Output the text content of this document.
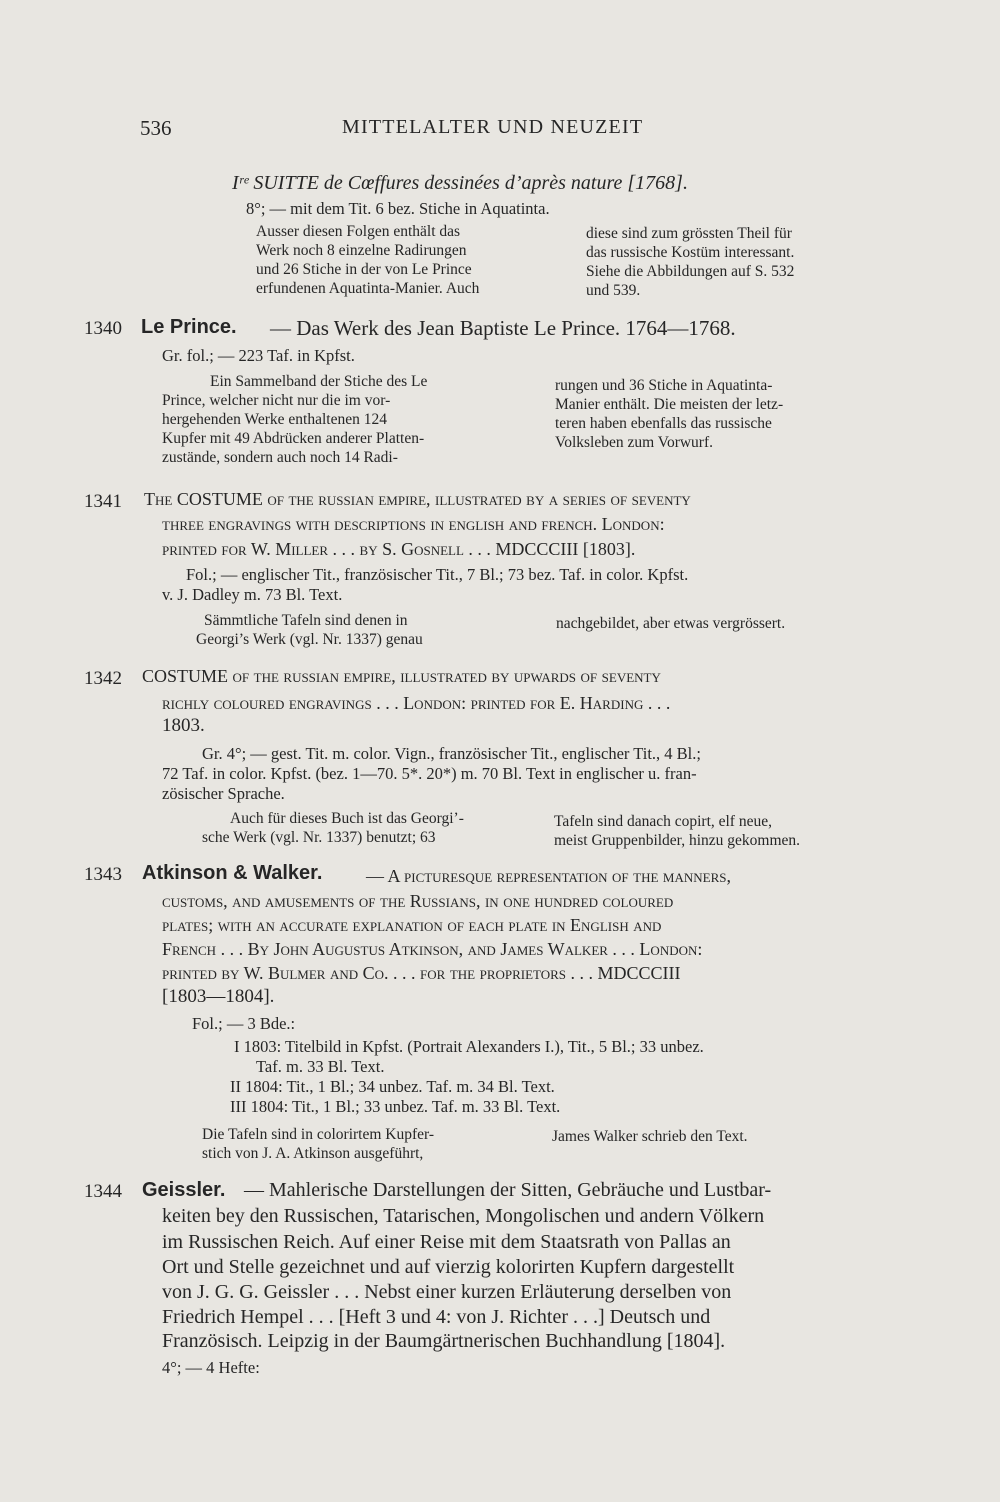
536	MITTELALTER UND NEUZEIT
Iʳᵉ SUITTE de Cœffures dessinées d’après nature [1768].
8°; — mit dem Tit. 6 bez. Stiche in Aquatinta.

Ausser diesen Folgen enthält das

Werk noch 8 einzelne Radirungen

und 26 Stiche in der von Le Prince

erfundenen Aquatinta-Manier. Auch

diese sind zum grössten Theil für

das russische Kostüm interessant.

Siehe die Abbildungen auf S. 532

und 539.

1340 Le Prince. — Das Werk des Jean Baptiste Le Prince. 1764—1768.
Gr. fol.; — 223 Taf. in Kpfst.

Ein Sammelband der Stiche des Le

Prince, welcher nicht nur die im vor-

hergehenden Werke enthaltenen 124

Kupfer mit 49 Abdrücken anderer Platten-

zustände, sondern auch noch 14 Radi-

rungen und 36 Stiche in Aquatinta-

Manier enthält. Die meisten der letz-

teren haben ebenfalls das russische

Volksleben zum Vorwurf.

1341 The COSTUME of the russian empire, illustrated by a series of seventy
three engravings with descriptions in english and french. London:
printed for W. Miller . . . by S. Gosnell . . . MDCCCIII [1803].
Fol.; — englischer Tit., französischer Tit., 7 Bl.; 73 bez. Taf. in color. Kpfst.
v. J. Dadley m. 73 Bl. Text.

Sämmtliche Tafeln sind denen in

Georgi’s Werk (vgl. Nr. 1337) genau

nachgebildet, aber etwas vergrössert.

1342 COSTUME of the russian empire, illustrated by upwards of seventy
richly coloured engravings . . . London: printed for E. Harding . . .
1803.
Gr. 4°; — gest. Tit. m. color. Vign., französischer Tit., englischer Tit., 4 Bl.;
72 Taf. in color. Kpfst. (bez. 1—70. 5*. 20*) m. 70 Bl. Text in englischer u. fran-
zösischer Sprache.

Auch für dieses Buch ist das Georgi’-

sche Werk (vgl. Nr. 1337) benutzt; 63

Tafeln sind danach copirt, elf neue,

meist Gruppenbilder, hinzu gekommen.

1343 Atkinson & Walker. — A picturesque representation of the manners,
customs, and amusements of the Russians, in one hundred coloured
plates; with an accurate explanation of each plate in English and
French . . . By John Augustus Atkinson, and James Walker . . . London:
printed by W. Bulmer and Co. . . . for the proprietors . . . MDCCCIII
[1803—1804].
Fol.; — 3 Bde.:
I 1803: Titelbild in Kpfst. (Portrait Alexanders I.), Tit., 5 Bl.; 33 unbez.
Taf. m. 33 Bl. Text.
II 1804: Tit., 1 Bl.; 34 unbez. Taf. m. 34 Bl. Text.
III 1804: Tit., 1 Bl.; 33 unbez. Taf. m. 33 Bl. Text.

Die Tafeln sind in colorirtem Kupfer-

stich von J. A. Atkinson ausgeführt,

James Walker schrieb den Text.

1344 Geissler. — Mahlerische Darstellungen der Sitten, Gebräuche und Lustbar-
keiten bey den Russischen, Tatarischen, Mongolischen und andern Völkern
im Russischen Reich. Auf einer Reise mit dem Staatsrath von Pallas an
Ort und Stelle gezeichnet und auf vierzig kolorirten Kupfern dargestellt
von J. G. G. Geissler . . . Nebst einer kurzen Erläuterung derselben von
Friedrich Hempel . . . [Heft 3 und 4: von J. Richter . . .] Deutsch und
Französisch. Leipzig in der Baumgärtnerischen Buchhandlung [1804].
4°; — 4 Hefte:
